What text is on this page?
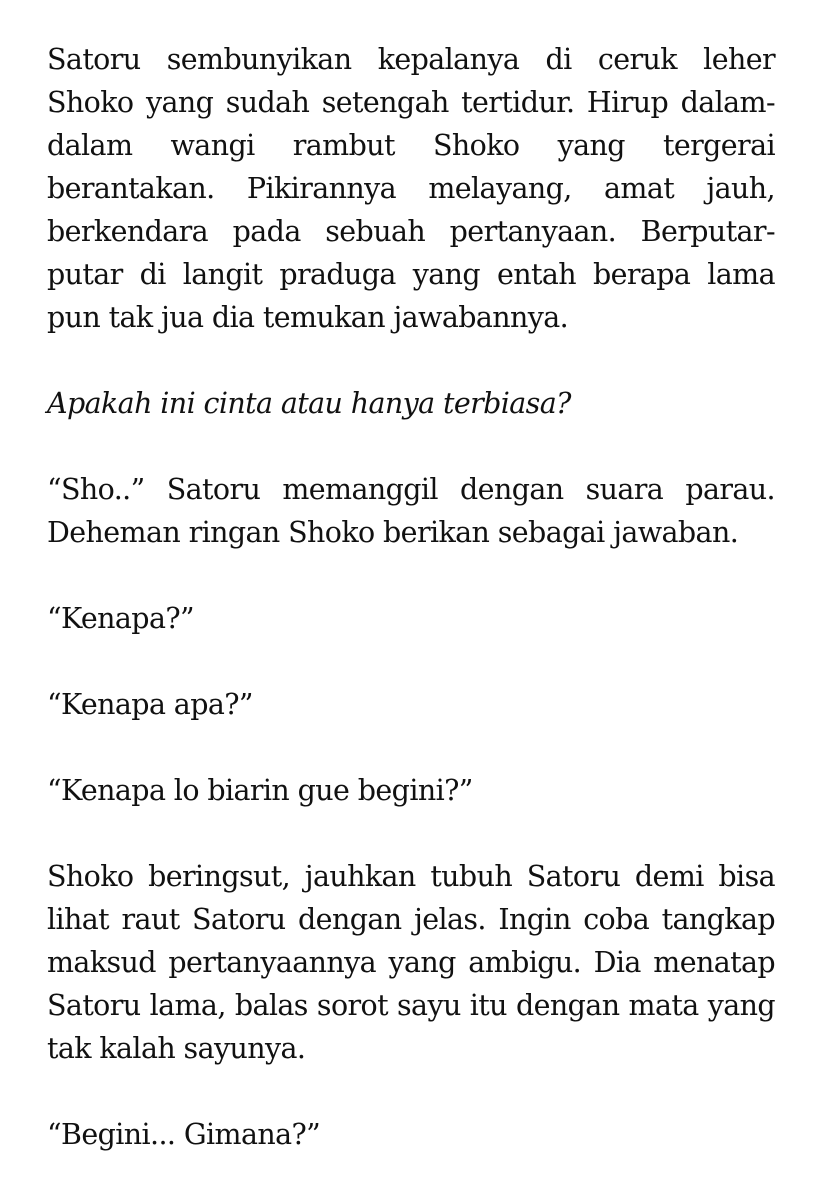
Satoru sembunyikan kepalanya di ceruk leher Shoko yang sudah setengah tertidur. Hirup dalam-dalam wangi rambut Shoko yang tergerai berantakan. Pikirannya melayang, amat jauh, berkendara pada sebuah pertanyaan. Berputar-putar di langit praduga yang entah berapa lama pun tak jua dia temukan jawabannya.

Apakah ini cinta atau hanya terbiasa?

“Sho..” Satoru memanggil dengan suara parau. Deheman ringan Shoko berikan sebagai jawaban.

“Kenapa?”

“Kenapa apa?”

“Kenapa lo biarin gue begini?”

Shoko beringsut, jauhkan tubuh Satoru demi bisa lihat raut Satoru dengan jelas. Ingin coba tangkap maksud pertanyaannya yang ambigu. Dia menatap Satoru lama, balas sorot sayu itu dengan mata yang tak kalah sayunya.

“Begini... Gimana?”
